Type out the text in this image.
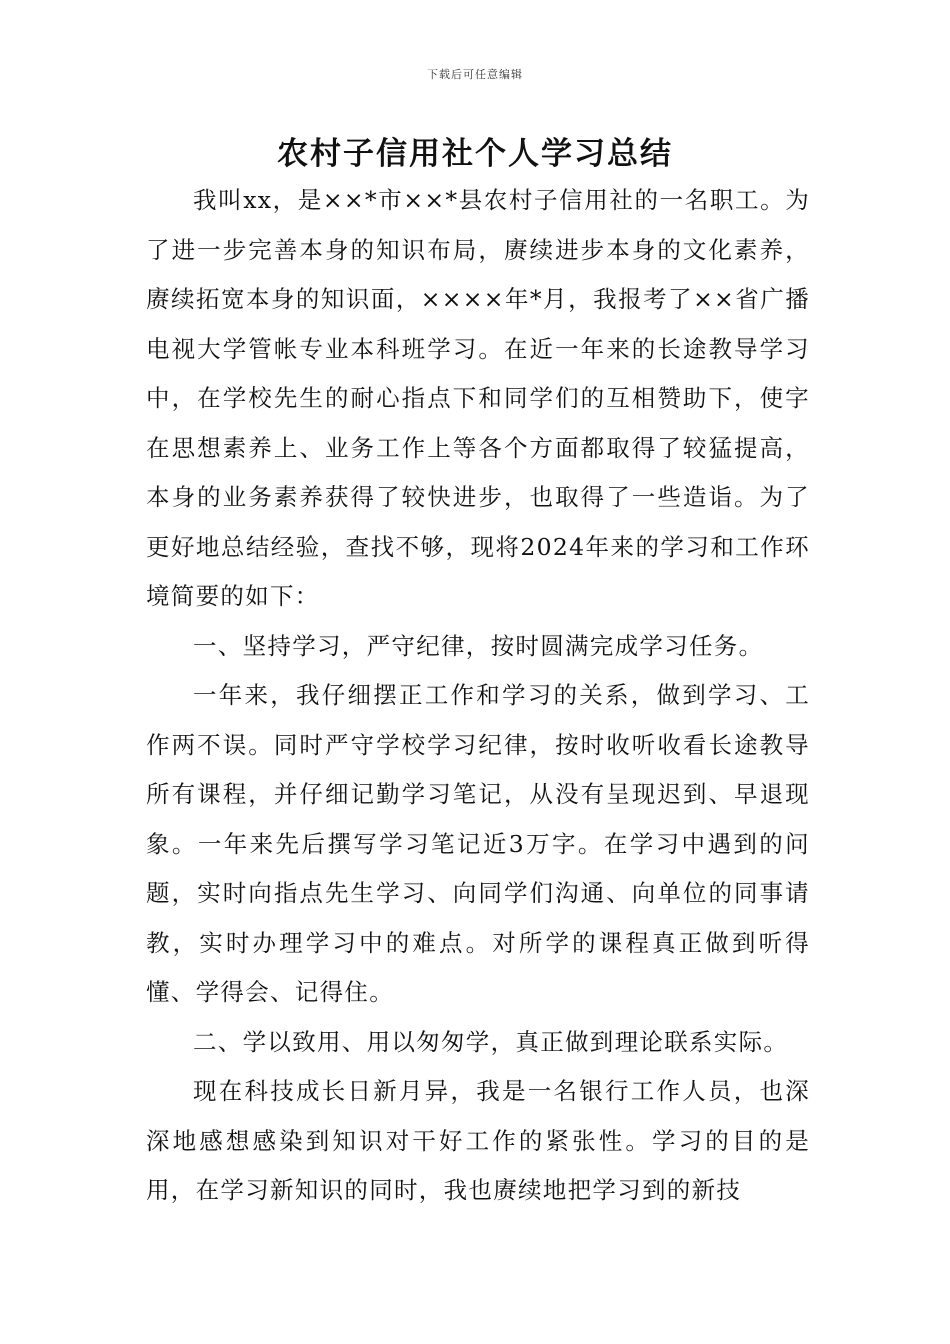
下载后可任意编辑
农村子信用社个人学习总结

我叫xx，是××*市××*县农村子信用社的一名职工。为了进一步完善本身的知识布局，赓续进步本身的文化素养，赓续拓宽本身的知识面，××××年*月，我报考了××省广播电视大学管帐专业本科班学习。在近一年来的长途教导学习中，在学校先生的耐心指点下和同学们的互相赞助下，使字在思想素养上、业务工作上等各个方面都取得了较猛提高，本身的业务素养获得了较快进步，也取得了一些造诣。为了更好地总结经验，查找不够，现将2024年来的学习和工作环境简要的如下：

一、坚持学习，严守纪律，按时圆满完成学习任务。

一年来，我仔细摆正工作和学习的关系，做到学习、工作两不误。同时严守学校学习纪律，按时收听收看长途教导所有课程，并仔细记勤学习笔记，从没有呈现迟到、早退现象。一年来先后撰写学习笔记近3万字。在学习中遇到的问题，实时向指点先生学习、向同学们沟通、向单位的同事请教，实时办理学习中的难点。对所学的课程真正做到听得懂、学得会、记得住。

二、学以致用、用以匆匆学，真正做到理论联系实际。

现在科技成长日新月异，我是一名银行工作人员，也深深地感想感染到知识对干好工作的紧张性。学习的目的是用，在学习新知识的同时，我也赓续地把学习到的新技
